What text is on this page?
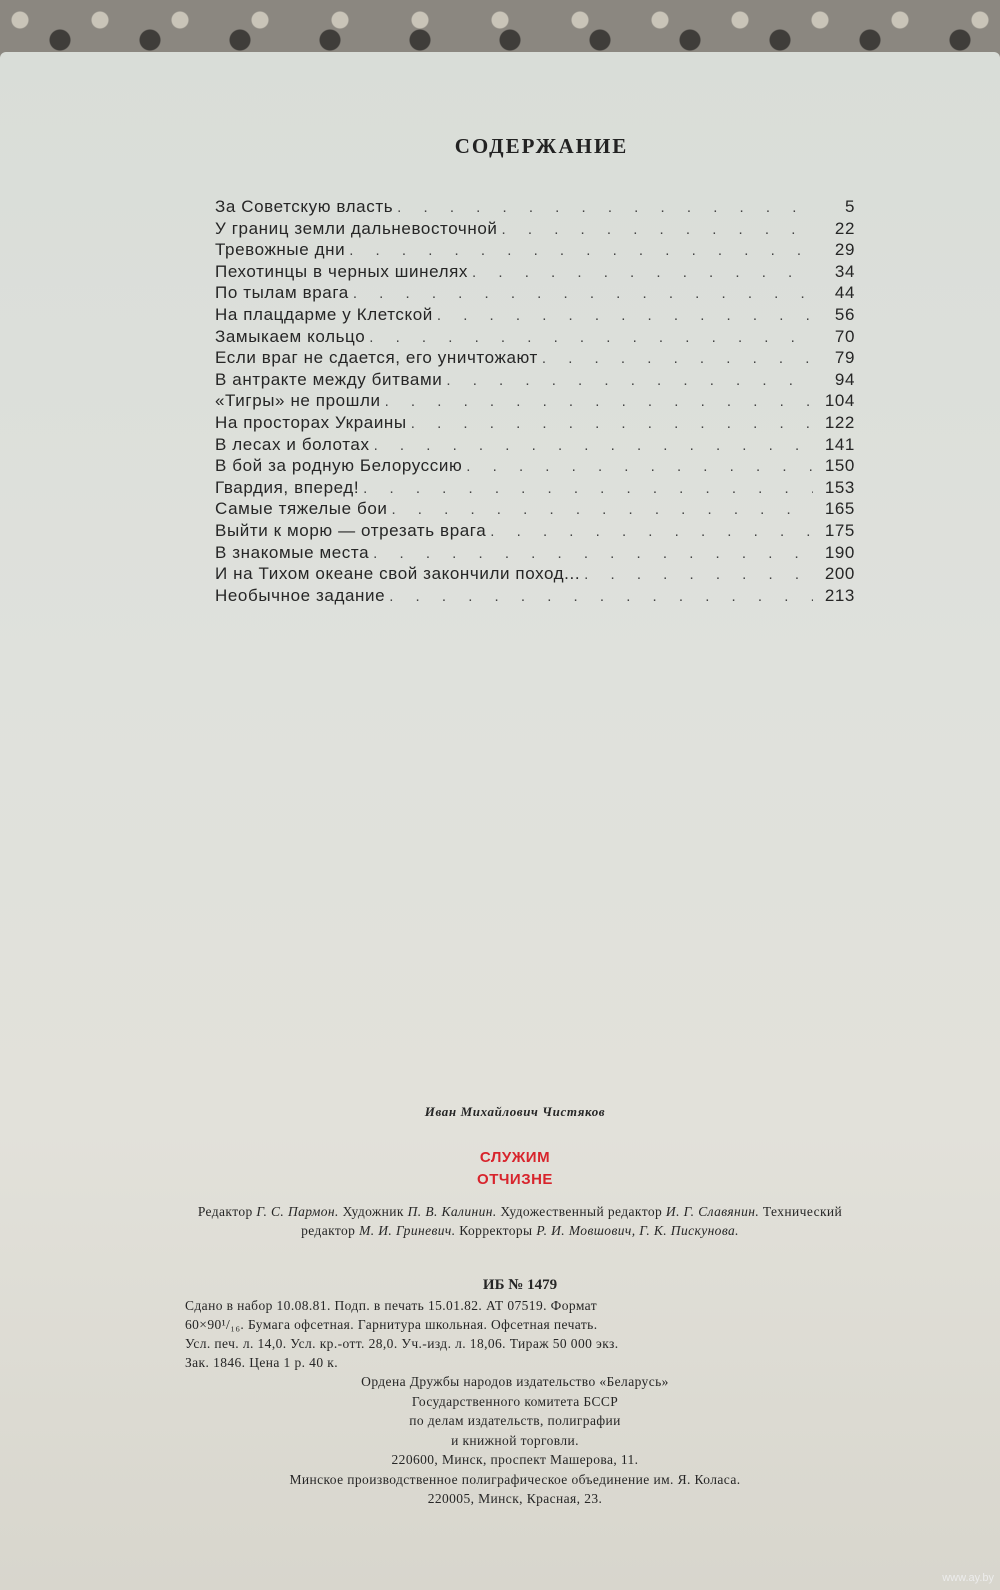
СОДЕРЖАНИЕ
За Советскую власть . . .	5
У границ земли дальневосточной . . .	22
Тревожные дни . . .	29
Пехотинцы в черных шинелях . . .	34
По тылам врага . . .	44
На плацдарме у Клетской . . .	56
Замыкаем кольцо . . .	70
Если враг не сдается, его уничтожают . . .	79
В антракте между битвами . . .	94
«Тигры» не прошли . . .	104
На просторах Украины . . .	122
В лесах и болотах . . .	141
В бой за родную Белоруссию . . .	150
Гвардия, вперед! . . .	153
Самые тяжелые бои . . .	165
Выйти к морю — отрезать врага . . .	175
В знакомые места . . .	190
И на Тихом океане свой закончили поход... . . .	200
Необычное задание . . .	213
Иван Михайлович Чистяков
СЛУЖИМ
ОТЧИЗНЕ
Редактор Г. С. Пармон. Художник П. В. Калинин. Художественный редактор И. Г. Славянин. Технический редактор М. И. Гриневич. Корректоры Р. И. Мовшович, Г. К. Пискунова.
ИБ № 1479
Сдано в набор 10.08.81. Подп. в печать 15.01.82. АТ 07519. Формат
60×90¹/₁₆. Бумага офсетная. Гарнитура школьная. Офсетная печать.
Усл. печ. л. 14,0. Усл. кр.-отт. 28,0. Уч.-изд. л. 18,06. Тираж 50 000 экз.
Зак. 1846. Цена 1 р. 40 к.
Ордена Дружбы народов издательство «Беларусь»
Государственного комитета БССР
по делам издательств, полиграфии
и книжной торговли.
220600, Минск, проспект Машерова, 11.
Минское производственное полиграфическое объединение им. Я. Коласа.
220005, Минск, Красная, 23.
www.ay.by
